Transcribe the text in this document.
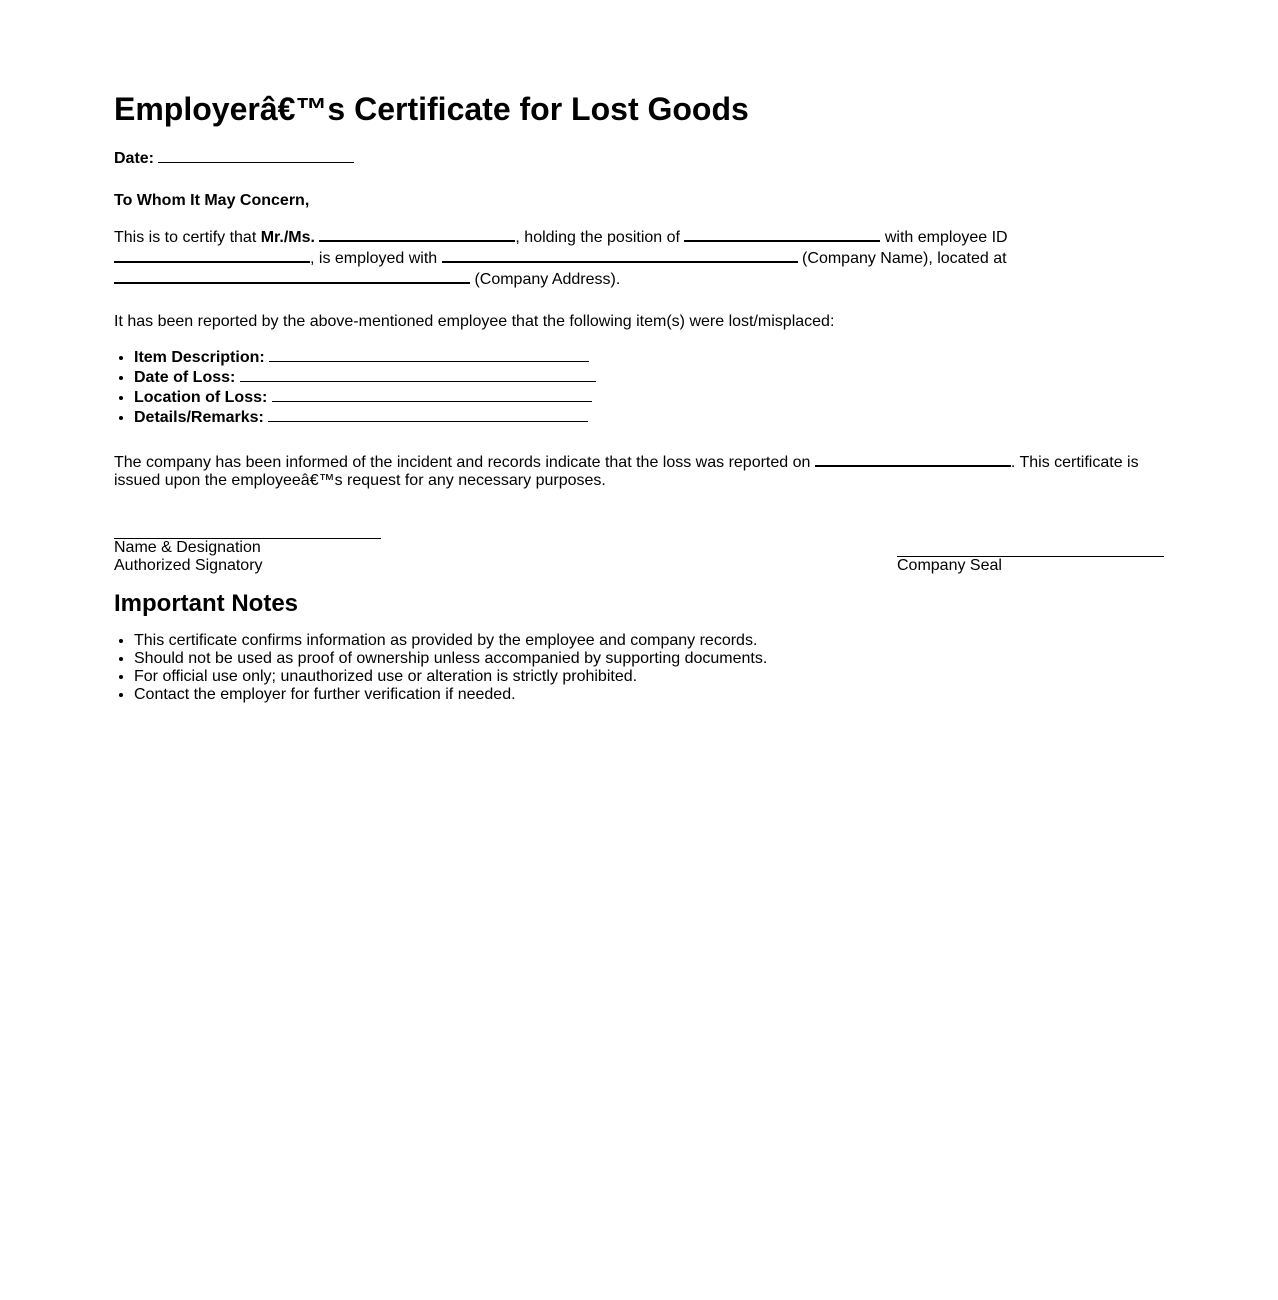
Employerâ€™s Certificate for Lost Goods
Date:
To Whom It May Concern,
This is to certify that Mr./Ms.	, holding the position of	with employee ID
, is employed with	(Company Name), located at
(Company Address).
It has been reported by the above-mentioned employee that the following item(s) were lost/misplaced:
• Item Description:
• Date of Loss:
• Location of Loss:
• Details/Remarks:
The company has been informed of the incident and records indicate that the loss was reported on	. This certificate is issued upon the employeeâ€™s request for any necessary purposes.
Name & Designation
Authorized Signatory	Company Seal
Important Notes
• This certificate confirms information as provided by the employee and company records.
• Should not be used as proof of ownership unless accompanied by supporting documents.
• For official use only; unauthorized use or alteration is strictly prohibited.
• Contact the employer for further verification if needed.
